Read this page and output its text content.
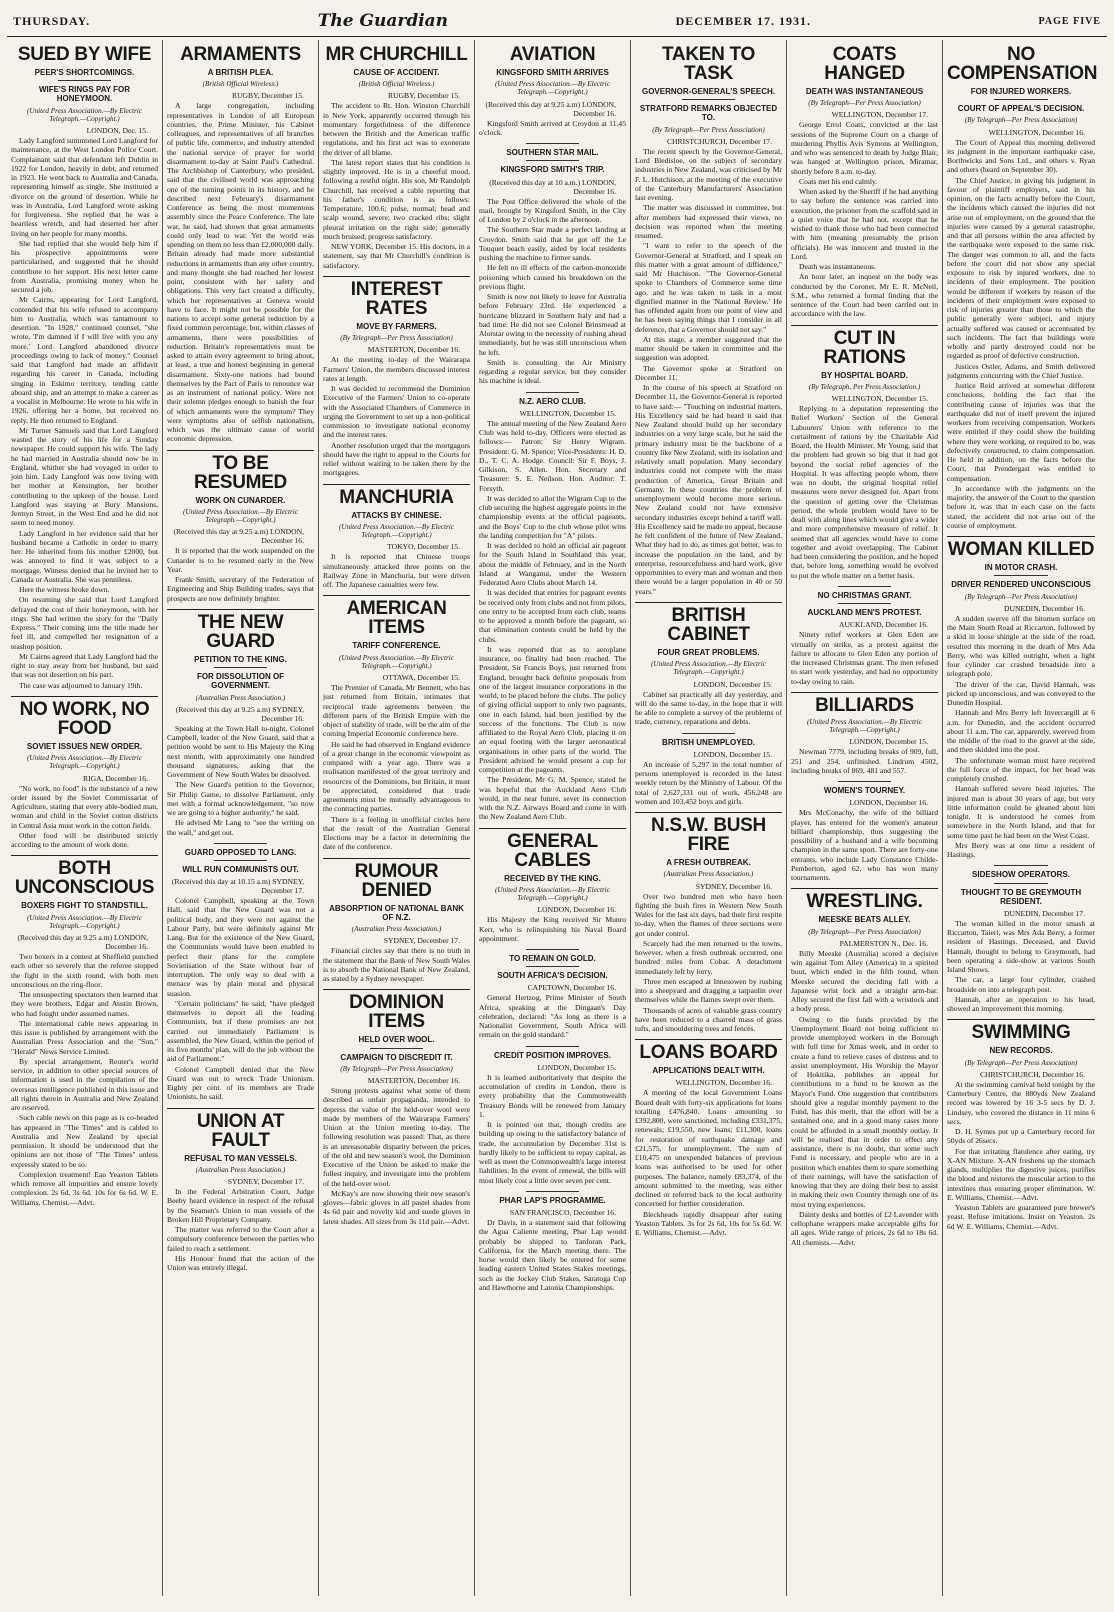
THURSDAY.	The Guardian	DECEMBER 17. 1931.	PAGE FIVE
SUED BY WIFE
PEER'S SHORTCOMINGS.
WIFE'S RINGS PAY FOR HONEYMOON.
(United Press Association.—By Electric Telegraph.—Copyright.)
LONDON, Dec. 15.

Lady Langford summoned Lord Langford for maintenance, at the West London Police Court. Complainant said that defendant left Dublin in 1922 for London, heavily in debt, and returned in 1923. He went back to Australia and Canada, representing himself as single. She instituted a divorce on the ground of desertion. While he was in Australia, Lord Langford wrote asking for forgiveness. She replied that he was a heartless wretch, and had deserted her after living on her people for many months.

She had replied that she would help him if his prospective appointments were particularised, and suggested that he should contribute to her support. His next letter came from Australia, promising money when he secured a job.

Mr Cairns, appearing for Lord Langford, contended that his wife refused to accompany him to Australia, which was tantamount to desertion. "In 1928," continued counsel, "she wrote, 'I'm damned if I will live with you any more.' Lord Langford abandoned divorce proceedings owing to lack of money." Counsel said that Langford had made an affidavit regarding his career in Canada, including singing in Eskimo territory, tending cattle aboard ship, and an attempt to make a career as a vocalist in Melbourne. He wrote to his wife in 1926, offering her a home, but received no reply. He then returned to England.

Mr Turner Samuels said that Lord Langford wasted the story of his life for a Sunday newspaper. He could support his wife. The lady he had married in Australia should now be in England, whither she had voyaged in order to join him. Lady Langford was now living with her mother at Kensington, her brother contributing to the upkeep of the house. Lord Langford was staying at Bury Mansions, Jermyn Street, in the West End and he did not seem to need money.

Lady Langford in her evidence said that her husband became a Catholic in order to marry her. He inherited from his mother £2000, but was annoyed to find it was subject to a mortgage. Witness denied that he invited her to Canada or Australia. She was penniless.

Here the witness broke down.

On resuming she said that Lord Langford defrayed the cost of their honeymoon, with her rings. She had written the story for the "Daily Express." Their coming into the title made her feel ill, and compelled her resignation of a teashop position.

Mr Cairns agreed that Lady Langford had the right to stay away from her husband, but said that was not desertion on his part.

The case was adjourned to January 19th.

NO WORK, NO FOOD
SOVIET ISSUES NEW ORDER.
(United Press Association.—By Electric Telegraph.—Copyright.)
RIGA, December 16.

"No work, no food" is the substance of a new order issued by the Soviet Commissariat of Agriculture, stating that every able-bodied man, woman and child in the Soviet cotton districts in Central Asia must work in the cotton fields.

Other food will be distributed strictly according to the amount of work done.

BOTH UNCONSCIOUS
BOXERS FIGHT TO STANDSTILL.
(United Press Association.—By Electric Telegraph.—Copyright.)
(Received this day at 9.25 a.m) LONDON, December 16.

Two boxers in a contest at Sheffield punched each other so severely that the referee stopped the fight in the sixth round, with both men unconscious on the ring-floor.

The unsuspecting spectators then learned that they were brothers, Edgar and Austin Brown, who had fought under assumed names.

The international cable news appearing in this issue is published by arrangement with the Australian Press Association and the "Sun," "Herald" News Service Limited.

By special arrangement, Reuter's world service, in addition to other special sources of information is used in the compilation of the overseas intelligence published in this issue and all rights therein in Australia and New Zealand are reserved.

Such cable news on this page as is co-headed has appeared in "The Times" and is cabled to Australia and New Zealand by special permission. It should be understood that the opinions are not those of "The Times" unless expressly stated to be so.

Complexion treatment! Eau Yeaston Tablets which remove all impurities and ensure lovely complexion. 2s 6d, 3s 6d. 10s for 6s 6d. W. E. Williams, Chemist.—Advt.

ARMAMENTS
A BRITISH PLEA.
(British Official Wireless.)
RUGBY, December 15.

A large congregation, including representatives in London of all European countries, the Prime Minister, his Cabinet colleagues, and representatives of all branches of public life, commerce, and industry attended the national service of prayer for world disarmament to-day at Saint Paul's Cathedral. The Archbishop of Canterbury, who presided, said that the civilised world was approaching one of the turning points in its history, and he described next February's disarmament Conference as being the most momentous assembly since the Peace Conference. The late war, he said, had shown that great armaments could only lead to war. Yet the world was spending on them no less than £2,000,000 daily. Britain already had made more substantial reductions in armaments than any other country, and many thought she had reached her lowest point, consistent with her safety and obligations. This very fact created a difficulty, which her representatives at Geneva would have to face. It might not be possible for the nations to accept some general reduction by a fixed common percentage, but, within classes of armaments, there were possibilities of reduction. Britain's representatives must be asked to attain every agreement to bring about, at least, a true and honest beginning in general disarmament. Sixty-one nations had bound themselves by the Pact of Paris to renounce war as an instrument of national policy. Were not their solemn pledges enough to banish the fear of which armaments were the symptom? They were symptoms also of selfish nationalism, which was the ultimate cause of world economic depression.

TO BE RESUMED
WORK ON CUNARDER.
(United Press Association.—By Electric Telegraph.—Copyright.)
(Received this day at 9.25 a.m) LONDON, December 16.

It is reported that the work suspended on the Cunarder is to be resumed early in the New Year.

Frank Smith, secretary of the Federation of Engineering and Ship Building trades, says that prospects are now definitely brighter.

THE NEW GUARD
PETITION TO THE KING.
FOR DISSOLUTION OF GOVERNMENT.
(Australian Press Association.)
(Received this day at 9.25 a.m) SYDNEY, December 16.

Speaking at the Town Hall to-night, Colonel Campbell, leader of the New Guard, said that a petition would be sent to His Majesty the King next month, with approximately one hundred thousand signatures, asking that the Government of New South Wales be dissolved.

The New Guard's petition to the Governor, Sir Philip Game, to dissolve Parliament, only met with a formal acknowledgement, "so now we are going to a higher authority," he said.

He advised Mr Lang to "see the writing on the wall," and get out.

GUARD OPPOSED TO LANG.
WILL RUN COMMUNISTS OUT.
(Received this day at 10.15 a.m) SYDNEY, December 17.

Colonel Campbell, speaking at the Town Hall, said that the New Guard was not a political body, and they were not against the Labour Party, but were definitely against Mr Lang. But for the existence of the New Guard, the Communists would have been enabled to perfect their plans for the complete Sovietisation of the State without fear of interruption. The only way to deal with a menace was by plain moral and physical suasion.

"Certain politicians" he said, "have pledged themselves to deport all the leading Communists, but if these promises are not carried out immediately Parliament is assembled, the New Guard, within the period of its five months' plan, will do the job without the aid of Parliament."

Colonel Campbell denied that the New Guard was out to wreck Trade Unionism. Eighty per cent. of its members are Trade Unionists, he said.

UNION AT FAULT
REFUSAL TO MAN VESSELS.
(Australian Press Association.)
SYDNEY, December 17.

In the Federal Arbitration Court, Judge Beeby heard evidence in respect of the refusal by the Seamen's Union to man vessels of the Broken Hill Proprietary Company.

The matter was referred to the Court after a compulsory conference between the parties who failed to reach a settlement.

His Honour found that the action of the Union was entirely illegal.

MR CHURCHILL
CAUSE OF ACCIDENT.
(British Official Wireless.)
RUGBY, December 15.

The accident to Rt. Hon. Winston Churchill in New York, apparently occurred through his momentary forgetfulness of the difference between the British and the American traffic regulations, and his first act was to exonerate the driver of all blame.

The latest report states that his condition is slightly improved. He is in a cheerful mood, following a restful night. His son, Mr Randolph Churchill, has received a cable reporting that his father's condition is as follows: Temperature, 100.6; pulse, normal; head and scalp wound, severe; two cracked ribs; slight pleural irritation on the right side; generally much bruised; progress satisfactory.

NEW YORK, December 15. His doctors, in a statement, say that Mr Churchill's condition is satisfactory.

INTEREST RATES
MOVE BY FARMERS.
(By Telegraph—Per Press Association)
MASTERTON, December 16.

At the meeting to-day of the Wairarapa Farmers' Union, the members discussed interest rates at length.

It was decided to recommend the Dominion Executive of the Farmers' Union to co-operate with the Associated Chambers of Commerce in urging the Government to set up a non-political commission to investigate national economy and the interest rates.

Another resolution urged that the mortgagors should have the right to appeal to the Courts for relief without waiting to be taken there by the mortgagees.

MANCHURIA
ATTACKS BY CHINESE.
(United Press Association.—By Electric Telegraph.—Copyright.)
TOKYO, December 15.

It is reported that Chinese troops simultaneously attacked three points on the Railway Zone in Manchuria, but were driven off. The Japanese casualties were few.

AMERICAN ITEMS
TARIFF CONFERENCE.
(United Press Association.—By Electric Telegraph.—Copyright.)
OTTAWA, December 15.

The Premier of Canada, Mr Bennett, who has just returned from Britain, intimates that reciprocal trade agreements between the different parts of the British Empire with the object of stability of trade, will be the aim of the coming Imperial Economic conference here.

He said he had observed in England evidence of a great change in the economic viewpoint as compared with a year ago. There was a realisation manifested of the great territory and resources of the Dominions, but Britain, it must be appreciated, considered that trade agreements must be mutually advantageous to the contracting parties.

There is a feeling in unofficial circles here that the result of the Australian General Elections may be a factor in determining the date of the conference.

RUMOUR DENIED
ABSORPTION OF NATIONAL BANK OF N.Z.
(Australian Press Association.)
SYDNEY, December 17.

Financial circles say that there is no truth in the statement that the Bank of New South Wales is to absorb the National Bank of New Zealand, as stated by a Sydney newspaper.

DOMINION ITEMS
HELD OVER WOOL.
CAMPAIGN TO DISCREDIT IT.
(By Telegraph—Per Press Association)
MASTERTON, December 16.

Strong protests against what some of them described as unfair propaganda, intended to depress the value of the held-over wool were made by members of the Wairarapa Farmers' Union at the Union meeting to-day. The following resolution was passed: That, as there is an unreasonable disparity between the prices of the old and new season's wool, the Dominion Executive of the Union be asked to make the fullest inquiry, and investigate into the problem of the held-over wool.

McKay's are now showing their new season's gloves—fabric gloves in all pastel shades from 4s 6d pair and novelty kid and suede gloves in latest shades. All sizes from 3s 11d pair.—Advt.

AVIATION
KINGSFORD SMITH ARRIVES
(United Press Association.—By Electric Telegraph.—Copyright.)
(Received this day at 9.25 a.m) LONDON, December 16.

Kingsford Smith arrived at Croydon at 11.45 o'clock.

SOUTHERN STAR MAIL.
KINGSFORD SMITH'S TRIP.
(Received this day at 10 a.m.) LONDON, December 16.

The Post Office delivered the whole of the mail, brought by Kingsford Smith, in the City of London by 2 o'clock in the afternoon.

The Southern Star made a perfect landing at Croydon. Smith said that he got off the Le Touquet beach easily, aided by local residents pushing the machine to firmer sands.

He felt no ill effects of the carbon-monoxide poisoning which caused his breakdown on the previous flight.

Smith is now not likely to leave for Australia before February 23rd. He experienced a hurricane blizzard in Southern Italy and had a bad time. He did not see Colonel Brinsmead at Alorstar owing to the necessity of rushing ahead immediately, but he was still unconscious when he left.

Smith is consulting the Air Ministry regarding a regular service, but they consider his machine is ideal.

N.Z. AERO CLUB.
WELLINGTON, December 15.

The annual meeting of the New Zealand Aero Club was held to-day. Officers were elected as follows:— Patron: Sir Henry Wigram. President: G. M. Spence; Vice-Presidents: H. D. D., T. C. A. Hodge. Council: Sir F. Boys, J. Gilkison, S. Allen. Hon. Secretary and Treasurer: S. E. Neilson. Hon. Auditor: T. Forsyth.

It was decided to allot the Wigram Cup to the club securing the highest aggregate points in the championship events at the official pageants, and the Boys' Cup to the club whose pilot wins the landing competition for "A" pilots.

It was decided to hold an official air pageant for the South Island in Southland this year, about the middle of February, and in the North Island at Wanganui, under the Western Federated Aero Clubs about March 14.

It was decided that entries for pageant events be received only from clubs and not from pilots, one entry to be accepted from each club, teams to be approved a month before the pageant, so that elimination contests could be held by the clubs.

It was reported that as to aeroplane insurance, no finality had been reached. The President, Sir Francis Boys, just returned from England, brought back definite proposals from one of the largest insurance corporations in the world, to be placed before the clubs. The policy of giving official support to only two pageants, one in each Island, had been justified by the success of the functions. The Club is now affiliated to the Royal Aero Club, placing it on an equal footing with the larger aeronautical organisations in other parts of the world. The President advised he would present a cup for competition at the pageants.

The President, Mr G. M. Spence, stated he was hopeful that the Auckland Aero Club would, in the near future, sever its connection with the N.Z. Airways Board and come in with the New Zealand Aero Club.

GENERAL CABLES
RECEIVED BY THE KING.
(United Press Association.—By Electric Telegraph.—Copyright.)
LONDON, December 16.

His Majesty the King received Sir Munro Kerr, who is relinquishing his Naval Board appointment.

TO REMAIN ON GOLD.
SOUTH AFRICA'S DECISION.
CAPETOWN, December 16.

General Hertzog, Prime Minister of South Africa, speaking at the Dingaan's Day celebration, declared: "As long as there is a Nationalist Government, South Africa will remain on the gold standard."

CREDIT POSITION IMPROVES.
LONDON, December 15.

It is learned authoritatively that despite the accumulation of credits in London, there is every probability that the Commonwealth Treasury Bonds will be renewed from January 1.

It is pointed out that, though credits are building up owing to the satisfactory balance of trade, the accumulation by December 31st is hardly likely to be sufficient to repay capital, as well as meet the Commonwealth's large interest liabilities. In the event of renewal, the bills will most likely cost a little over seven per cent.

PHAR LAP'S PROGRAMME.
SAN FRANCISCO, December 16.

Dr Davis, in a statement said that following the Agua Caliente meeting, Phar Lap would probably be shipped to Tanforan Park, California, for the March meeting there. The horse would then likely be entered for some leading eastern United States Stakes meetings, such as the Jockey Club Stakes, Saratoga Cup and Hawthorne and Latonia Championships.

TAKEN TO TASK
GOVERNOR-GENERAL'S SPEECH.
STRATFORD REMARKS OBJECTED TO.
(By Telegraph—Per Press Association)
CHRISTCHURCH, December 17.

The recent speech by the Governor-General, Lord Bledisloe, on the subject of secondary industries in New Zealand, was criticised by Mr F. L. Hutchison, at the meeting of the executive of the Canterbury Manufacturers' Association last evening.

The matter was discussed in committee, but after members had expressed their views, no decision was reported when the meeting resumed.

"I want to refer to the speech of the Governor-General at Stratford, and I speak on this matter with a great amount of diffidence," said Mr Hutchison. "The Governor-General spoke to Chambers of Commerce some time ago, and he was taken to task in a most dignified manner in the 'National Review.' He has offended again from our point of view and he has been saying things that I consider in all deference, that a Governor should not say."

At this stage, a member suggested that the matter should be taken in committee and the suggestion was adopted.

The Governor spoke at Stratford on December 11.

In the course of his speech at Stratford on December 11, the Governor-General is reported to have said:— "Touching on industrial matters, His Excellency said he had heard it said that New Zealand should build up her secondary industries on a very large scale, but he said the primary industry must be the backbone of a country like New Zealand, with its isolation and relatively small population. Many secondary industries could not compete with the mass production of America, Great Britain and Germany. In these countries the problem of unemployment would become more serious. New Zealand could not have extensive secondary industries except behind a tariff wall. His Excellency said he made no appeal, because he felt confident of the future of New Zealand. What they had to do, as times got better, was to increase the population on the land, and by enterprise, resourcefulness and hard work, give opportunities to every man and woman and then there would be a larger population in 40 or 50 years."

BRITISH CABINET
FOUR GREAT PROBLEMS.
(United Press Association.—By Electric Telegraph.—Copyright.)
LONDON, December 15.

Cabinet sat practically all day yesterday, and will do the same to-day, in the hope that it will be able to complete a survey of the problems of trade, currency, reparations and debts.

BRITISH UNEMPLOYED.
LONDON, December 15.

An increase of 5,297 in the total number of persons unemployed is recorded in the latest weekly return by the Ministry of Labour. Of the total of 2,627,331 out of work, 456,248 are women and 103,452 boys and girls.

N.S.W. BUSH FIRE
A FRESH OUTBREAK.
(Australian Press Association.)
SYDNEY, December 16.

Over two hundred men who have been fighting the bush fires in Western New South Wales for the last six days, had their first respite to-day, when the flames of three sections were got under control.

Scarcely had the men returned to the towns, however, when a fresh outbreak occurred, one hundred miles from Cobar. A detachment immediately left by lorry.

Three men escaped at Innesowen by rushing into a sheepyard and dragging a tarpaulin over themselves while the flames swept over them.

Thousands of acres of valuable grass country have been reduced to a charred mass of grass tufts, and smouldering trees and fences.

LOANS BOARD
APPLICATIONS DEALT WITH.
WELLINGTON, December 16.

A meeting of the local Government Loans Board dealt with forty-six applications for loans totalling £476,840. Loans amounting to £392,800, were sanctioned, including £331,375, renewals; £19,550, new loans; £11,300, loans for restoration of earthquake damage and £21,575, for unemployment. The sum of £10,475 on unexpended balances of previous loans was authorised to be used for other purposes. The balance, namely £83,374, of the amount submitted to the meeting, was either declined or referred back to the local authority concerned for further consideration.

Bleckheads rapidly disappear after eating Yeaston Tablets. 3s for 2s 6d, 10s for 5s 6d. W. E. Williams, Chemist.—Advt.

COATS HANGED
DEATH WAS INSTANTANEOUS
(By Telegraph—Per Press Association)
WELLINGTON, December 17.

George Errol Coats, convicted at the last sessions of the Supreme Court on a charge of murdering Phyllis Avis Symons at Wellington, and who was sentenced to death by Judge Blair, was hanged at Wellington prison, Miramar, shortly before 8 a.m. to-day.

Coats met his end calmly.

When asked by the Sheriff if he had anything to say before the sentence was carried into execution, the prisoner from the scaffold said in a quiet voice that he had not, except that he wished to thank those who had been connected with him (meaning presumably the prison officials). He was innocent and trusted in the Lord.

Death was instantaneous.

An hour later, an inquest on the body was conducted by the Coroner, Mr E. R. McNeil, S.M., who returned a formal finding that the sentence of the Court had been carried out in accordance with the law.

CUT IN RATIONS
BY HOSPITAL BOARD.
(By Telegraph, Per Press Association.)
WELLINGTON, December 15.

Replying to a deputation representing the Relief Workers' Section of the General Labourers' Union with reference to the curtailment of rations by the Charitable Aid Board, the Health Minister, Mr Young, said that the problem had grown so big that it had got beyond the social relief agencies of the Hospital. It was affecting people whom, there was no doubt, the original hospital relief measures were never designed for. Apart from the question of getting over the Christmas period, the whole problem would have to be dealt with along lines which would give a wider and more comprehensive measure of relief. It seemed that all agencies would have to come together and avoid overlapping. The Cabinet had been considering the position, and he hoped that, before long, something would be evolved to put the whole matter on a better basis.

NO CHRISTMAS GRANT.
AUCKLAND MEN'S PROTEST.
AUCKLAND, December 16.

Ninety relief workers at Glen Eden are virtually on strike, as a protest against the failure to allocate to Glen Eden any portion of the increased Christmas grant. The men refused to start work yesterday, and had no opportunity to-day owing to rain.

BILLIARDS
(United Press Association.—By Electric Telegraph.—Copyright.)
LONDON, December 15.

Newman 7779, including breaks of 909, full, 251 and 254, unfinished. Lindrum 4502, including breaks of 869, 481 and 557.

WOMEN'S TOURNEY.
LONDON, December 16.

Mrs McConachy, the wife of the billiard player, has entered for the women's amateur billiard championship, thus suggesting the possibility of a husband and a wife becoming champion in the same sport. There are forty-one entrants, who include Lady Constance Childe-Pemberton, aged 62, who has won many tournaments.

WRESTLING.
MEESKE BEATS ALLEY.
(By Telegraph—Per Press Association)
PALMERSTON N., Dec. 16.

Billy Meeske (Australia) scored a decisive win against Tom Alley (America) in a spirited bout, which ended in the fifth round, when Meeske secured the deciding fall with a Japanese wrist lock and a straight arm-bar. Alley secured the first fall with a wristlock and a body press.

Owing to the funds provided by the Unemployment Board not being sufficient to provide unemployed workers in the Borough with full time for Xmas week, and in order to create a fund to relieve cases of distress and to assist unemployment, His Worship the Mayor of Hokitika, publishes an appeal for contributions to a fund to be known as the Mayor's Fund. One suggestion that contributors should give a regular monthly payment to the Fund, has this merit, that the effort will be a sustained one, and in a good many cases more could be afforded in a small monthly outlay. It will be realised that in order to effect any assistance, there is no doubt, that some such Fund is necessary, and people who are in a position which enables them to spare something of their earnings, will have the satisfaction of knowing that they are doing their best to assist in making their own Country through one of its most trying experiences.

Dainty desks and bottles of £2 Lavender with cellophane wrappers make acceptable gifts for all ages. Wide range of prices, 2s 6d to 18s 6d. All chemists.—Advt.

NO COMPENSATION
FOR INJURED WORKERS.
COURT OF APPEAL'S DECISION.
(By Telegraph—Per Press Association)
WELLINGTON, December 16.

The Court of Appeal this morning delivered its judgment in the important earthquake case, Borthwicks and Sons Ltd., and others v. Ryan and others (heard on September 30).

The Chief Justice, in giving his judgment in favour of plaintiff employers, said in his opinion, on the facts actually before the Court, the incidents which caused the injuries did not arise out of employment, on the ground that the injuries were caused by a general catastrophe, and that all persons within the area affected by the earthquake were exposed to the same risk. The danger was common to all, and the facts before the court did not show any special exposure to risk by injured workers, due to incidents of their employment. The position would be different if workers by reason of the incidents of their employment were exposed to risk of injuries greater than those to which the public generally were subject, and injury actually suffered was caused or accentuated by such incidents. The fact that buildings were wholly and partly destroyed could not be regarded as proof of defective construction.

Justices Ostler, Adams, and Smith delivered judgments concurring with the Chief Justice.

Justice Reid arrived at somewhat different conclusions, holding the fact that the contributing cause of injuries was that the earthquake did not of itself prevent the injured workers from receiving compensation. Workers were entitled if they could show the building where they were working, or required to be, was defectively constructed, to claim compensation. He held in addition, on the facts before the Court, that Prendergast was entitled to compensation.

In accordance with the judgments on the majority, the answer of the Court to the question before it, was that in each case on the facts stated, the accident did not arise out of the course of employment.

WOMAN KILLED
IN MOTOR CRASH.
DRIVER RENDERED UNCONSCIOUS
(By Telegraph—Per Press Association)
DUNEDIN, December 16.

A sudden swerve off the bitumen surface on the Main South Road at Riccarton, followed by a skid in loose shingle at the side of the road, resulted this morning in the death of Mrs Ada Berry, who was killed outright, when a light four cylinder car crashed broadside into a telegraph pole.

The driver of the car, David Hannah, was picked up unconscious, and was conveyed to the Dunedin Hospital.

Hannah and Mrs Berry left Invercargill at 6 a.m. for Dunedin, and the accident occurred about 11 a.m. The car, apparently, swerved from the middle of the road to the gravel at the side, and then skidded into the post.

The unfortunate woman must have received the full force of the impact, for her head was completely crushed.

Hannah suffered severe head injuries. The injured man is about 30 years of age, but very little information could be gleaned about him tonight. It is understood he comes from somewhere in the North Island, and that for some time past he had been on the West Coast.

Mrs Berry was at one time a resident of Hastings.

SIDESHOW OPERATORS.
THOUGHT TO BE GREYMOUTH RESIDENT.
DUNEDIN, December 17.

The woman killed in the motor smash at Riccarton, Taieri, was Mrs Ada Berry, a former resident of Hastings. Deceased, and David Hannah, thought to belong to Greymouth, had been operating a side-show at various South Island Shows.

The car, a large four cylinder, crashed broadside on into a telegraph post.

Hannah, after an operation to his head, showed an improvement this morning.

SWIMMING
NEW RECORDS.
(By Telegraph—Per Press Association)
CHRISTCHURCH, December 16.

At the swimming carnival held tonight by the Canterbury Centre, the 880yds New Zealand record was lowered by 16 3-5 secs by D. J. Lindsey, who covered the distance in 11 mins 6 secs.

D. H. Symes put up a Canterbury record for 50yds of 26secs.

For that irritating flatulence after eating, try X-AN Mixture. X-AN freshens up the stomach glands, multiplies the digestive juices, purifies the blood and restores the muscular action to the intestines thus ensuring proper elimination. W. E. Williams, Chemist.—Advt.

Yeaston Tablets are guaranteed pure brewer's yeast. Refuse imitations. Insist on Yeaston. 2s 6d W. E. Williams, Chemist.—Advt.
